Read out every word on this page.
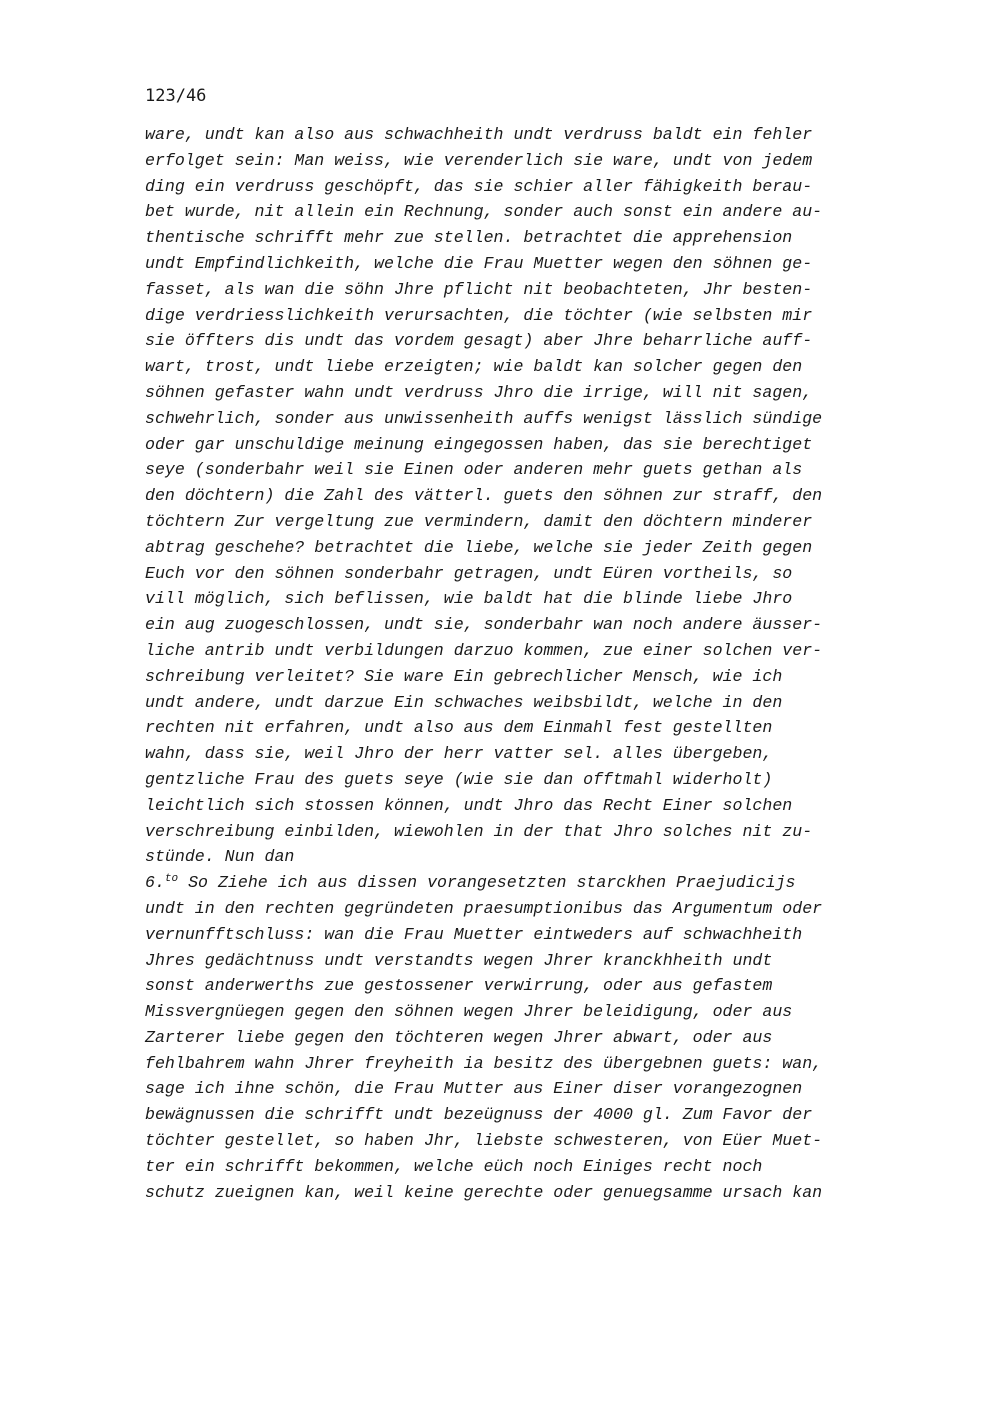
123/46
ware, undt kan also aus schwachheith undt verdruss baldt ein fehler
erfolget sein: Man weiss, wie verenderlich sie ware, undt von jedem
ding ein verdruss geschöpft, das sie schier aller fähigkeith berau-
bet wurde, nit allein ein Rechnung, sonder auch sonst ein andere au-
thentische schrifft mehr zue stellen. betrachtet die apprehension
undt Empfindlichkeith, welche die Frau Muetter wegen den söhnen ge-
fasset, als wan die söhn Jhre pflicht nit beobachteten, Jhr besten-
dige verdriesslichkeith verursachten, die töchter (wie selbsten mir
sie öffters dis undt das vordem gesagt) aber Jhre beharrliche auff-
wart, trost, undt liebe erzeigten; wie baldt kan solcher gegen den
söhnen gefaster wahn undt verdruss Jhro die irrige, will nit sagen,
schwehrlich, sonder aus unwissenheith auffs wenigst lässlich sündige
oder gar unschuldige meinung eingegossen haben, das sie berechtiget
seye (sonderbahr weil sie Einen oder anderen mehr guets gethan als
den döchtern) die Zahl des vätterl. guets den söhnen zur straff, den
töchtern Zur vergeltung zue vermindern, damit den döchtern minderer
abtrag geschehe? betrachtet die liebe, welche sie jeder Zeith gegen
Euch vor den söhnen sonderbahr getragen, undt Eüren vortheils, so
vill möglich, sich beflissen, wie baldt hat die blinde liebe Jhro
ein aug zuogeschlossen, undt sie, sonderbahr wan noch andere äusser-
liche antrib undt verbildungen darzuo kommen, zue einer solchen ver-
schreibung verleitet? Sie ware Ein gebrechlicher Mensch, wie ich
undt andere, undt darzue Ein schwaches weibsbildt, welche in den
rechten nit erfahren, undt also aus dem Einmahl fest gestellten
wahn, dass sie, weil Jhro der herr vatter sel. alles übergeben,
gentzliche Frau des guets seye (wie sie dan offtmahl widerholt)
leichtlich sich stossen können, undt Jhro das Recht Einer solchen
verschreibung einbilden, wiewohlen in der that Jhro solches nit zu-
stünde. Nun dan
6.$^{to}$ So Ziehe ich aus dissen vorangesetzten starckhen Praejudicijs
undt in den rechten gegründeten praesumptionibus das Argumentum oder
vernunfftschluss: wan die Frau Muetter eintweders auf schwachheith
Jhres gedächtnuss undt verstandts wegen Jhrer kranckhheith undt
sonst anderwerths zue gestossener verwirrung, oder aus gefastem
Missvergnüegen gegen den söhnen wegen Jhrer beleidigung, oder aus
Zarterer liebe gegen den töchteren wegen Jhrer abwart, oder aus
fehlbahrem wahn Jhrer freyheith ia besitz des übergebnen guets: wan,
sage ich ihne schön, die Frau Mutter aus Einer diser vorangezognen
bewägnussen die schrifft undt bezeügnuss der 4000 gl. Zum Favor der
töchter gestellet, so haben Jhr, liebste schwesteren, von Eüer Muet-
ter ein schrifft bekommen, welche eüch noch Einiges recht noch
schutz zueignen kan, weil keine gerechte oder genuegsamme ursach kan
